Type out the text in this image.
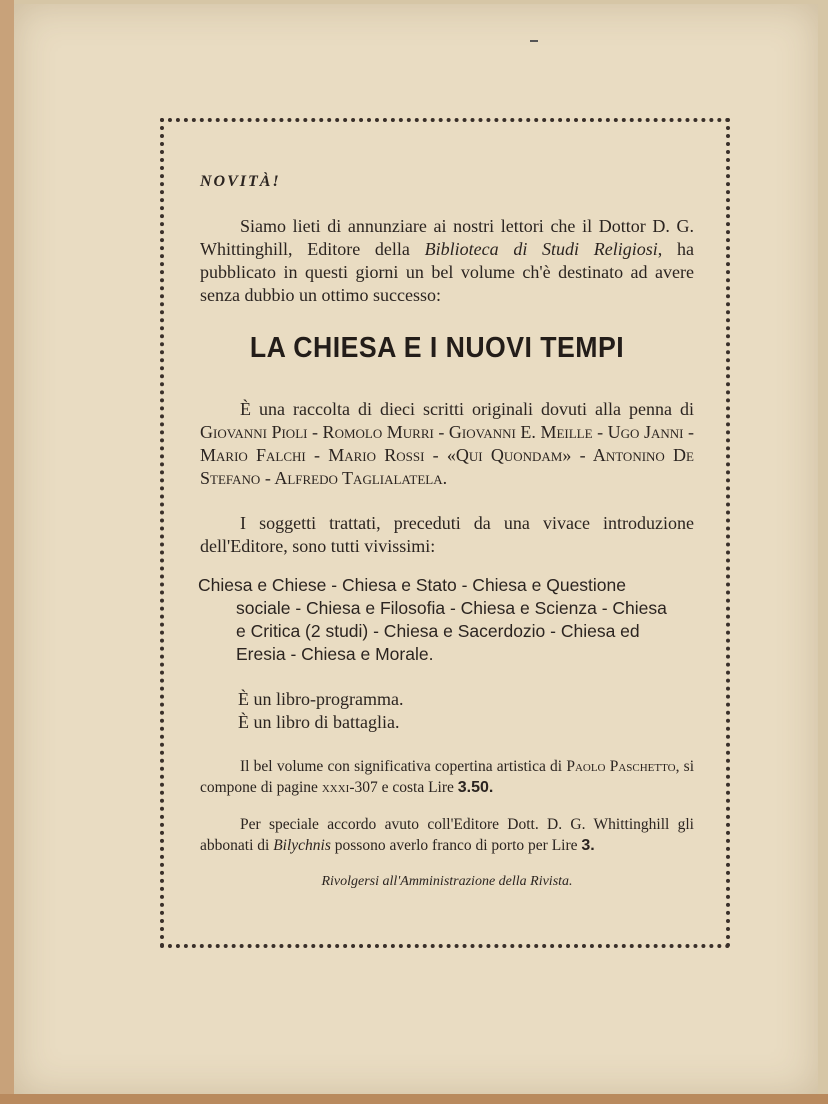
NOVITÀ!

Siamo lieti di annunziare ai nostri lettori che il Dottor D. G. Whittinghill, Editore della Biblioteca di Studi Religiosi, ha pubblicato in questi giorni un bel volume ch'è destinato ad avere senza dubbio un ottimo successo:

LA CHIESA E I NUOVI TEMPI

È una raccolta di dieci scritti originali dovuti alla penna di Giovanni Pioli - Romolo Murri - Giovanni E. Meille - Ugo Janni - Mario Falchi - Mario Rossi - «Qui Quondam» - Antonino De Stefano - Alfredo Taglialatela.

I soggetti trattati, preceduti da una vivace introduzione dell'Editore, sono tutti vivissimi:

Chiesa e Chiese - Chiesa e Stato - Chiesa e Questione
sociale - Chiesa e Filosofia - Chiesa e Scienza - Chiesa
e Critica (2 studi) - Chiesa e Sacerdozio - Chiesa ed
Eresia - Chiesa e Morale.
È un libro-programma.
È un libro di battaglia.

Il bel volume con significativa copertina artistica di Paolo Paschetto, si compone di pagine xxxi-307 e costa Lire 3.50.

Per speciale accordo avuto coll'Editore Dott. D. G. Whittinghill gli abbonati di Bilychnis possono averlo franco di porto per Lire 3.

Rivolgersi all'Amministrazione della Rivista.
